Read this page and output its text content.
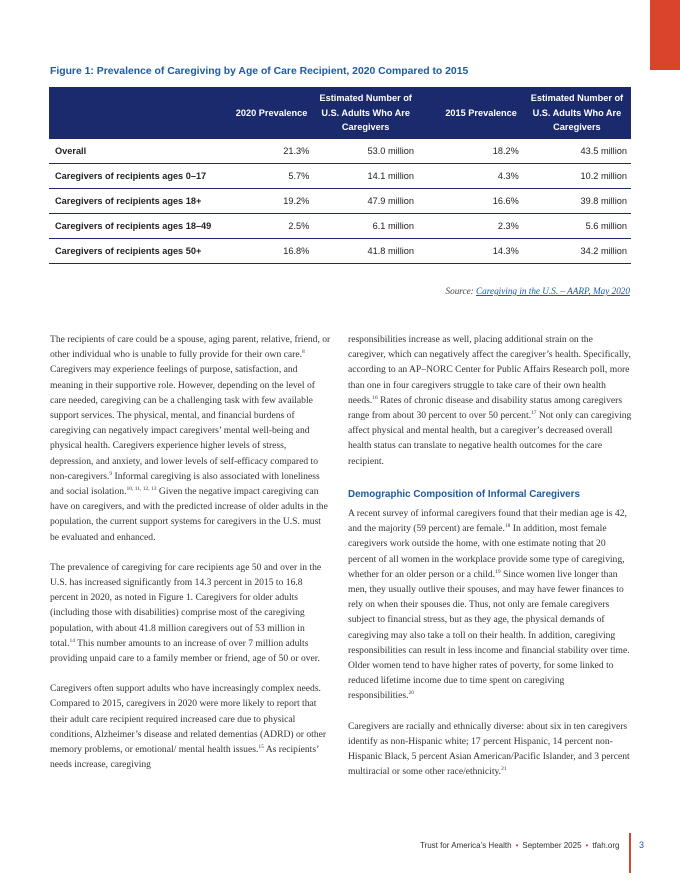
Figure 1: Prevalence of Caregiving by Age of Care Recipient, 2020 Compared to 2015
	2020 Prevalence	Estimated Number of U.S. Adults Who Are Caregivers	2015 Prevalence	Estimated Number of U.S. Adults Who Are Caregivers
Overall	21.3%	53.0 million	18.2%	43.5 million
Caregivers of recipients ages 0–17	5.7%	14.1 million	4.3%	10.2 million
Caregivers of recipients ages 18+	19.2%	47.9 million	16.6%	39.8 million
Caregivers of recipients ages 18–49	2.5%	6.1 million	2.3%	5.6 million
Caregivers of recipients ages 50+	16.8%	41.8 million	14.3%	34.2 million
Source: Caregiving in the U.S. – AARP, May 2020

The recipients of care could be a spouse, aging parent, relative, friend, or other individual who is unable to fully provide for their own care.$^8$ Caregivers may experience feelings of purpose, satisfaction, and meaning in their supportive role. However, depending on the level of care needed, caregiving can be a challenging task with few available support services. The physical, mental, and financial burdens of caregiving can negatively impact caregivers’ mental well-being and physical health. Caregivers experience higher levels of stress, depression, and anxiety, and lower levels of self-efficacy compared to non-caregivers.$^9$ Informal caregiving is also associated with loneliness and social isolation.$^{10, 11, 12, 13}$ Given the negative impact caregiving can have on caregivers, and with the predicted increase of older adults in the population, the current support systems for caregivers in the U.S. must be evaluated and enhanced.

The prevalence of caregiving for care recipients age 50 and over in the U.S. has increased significantly from 14.3 percent in 2015 to 16.8 percent in 2020, as noted in Figure 1. Caregivers for older adults (including those with disabilities) comprise most of the caregiving population, with about 41.8 million caregivers out of 53 million in total.$^{14}$ This number amounts to an increase of over 7 million adults providing unpaid care to a family member or friend, age of 50 or over.

Caregivers often support adults who have increasingly complex needs. Compared to 2015, caregivers in 2020 were more likely to report that their adult care recipient required increased care due to physical conditions, Alzheimer’s disease and related dementias (ADRD) or other memory problems, or emotional/ mental health issues.$^{15}$ As recipients’ needs increase, caregiving

responsibilities increase as well, placing additional strain on the caregiver, which can negatively affect the caregiver’s health. Specifically, according to an AP–NORC Center for Public Affairs Research poll, more than one in four caregivers struggle to take care of their own health needs.$^{16}$ Rates of chronic disease and disability status among caregivers range from about 30 percent to over 50 percent.$^{17}$ Not only can caregiving affect physical and mental health, but a caregiver’s decreased overall health status can translate to negative health outcomes for the care recipient.

Demographic Composition of Informal Caregivers

A recent survey of informal caregivers found that their median age is 42, and the majority (59 percent) are female.$^{18}$ In addition, most female caregivers work outside the home, with one estimate noting that 20 percent of all women in the workplace provide some type of caregiving, whether for an older person or a child.$^{19}$ Since women live longer than men, they usually outlive their spouses, and may have fewer finances to rely on when their spouses die. Thus, not only are female caregivers subject to financial stress, but as they age, the physical demands of caregiving may also take a toll on their health. In addition, caregiving responsibilities can result in less income and financial stability over time. Older women tend to have higher rates of poverty, for some linked to reduced lifetime income due to time spent on caregiving responsibilities.$^{20}$

Caregivers are racially and ethnically diverse: about six in ten caregivers identify as non-Hispanic white; 17 percent Hispanic, 14 percent non-Hispanic Black, 5 percent Asian American/Pacific Islander, and 3 percent multiracial or some other race/ethnicity.$^{21}$

Trust for America’s Health • September 2025 • tfah.org 3
